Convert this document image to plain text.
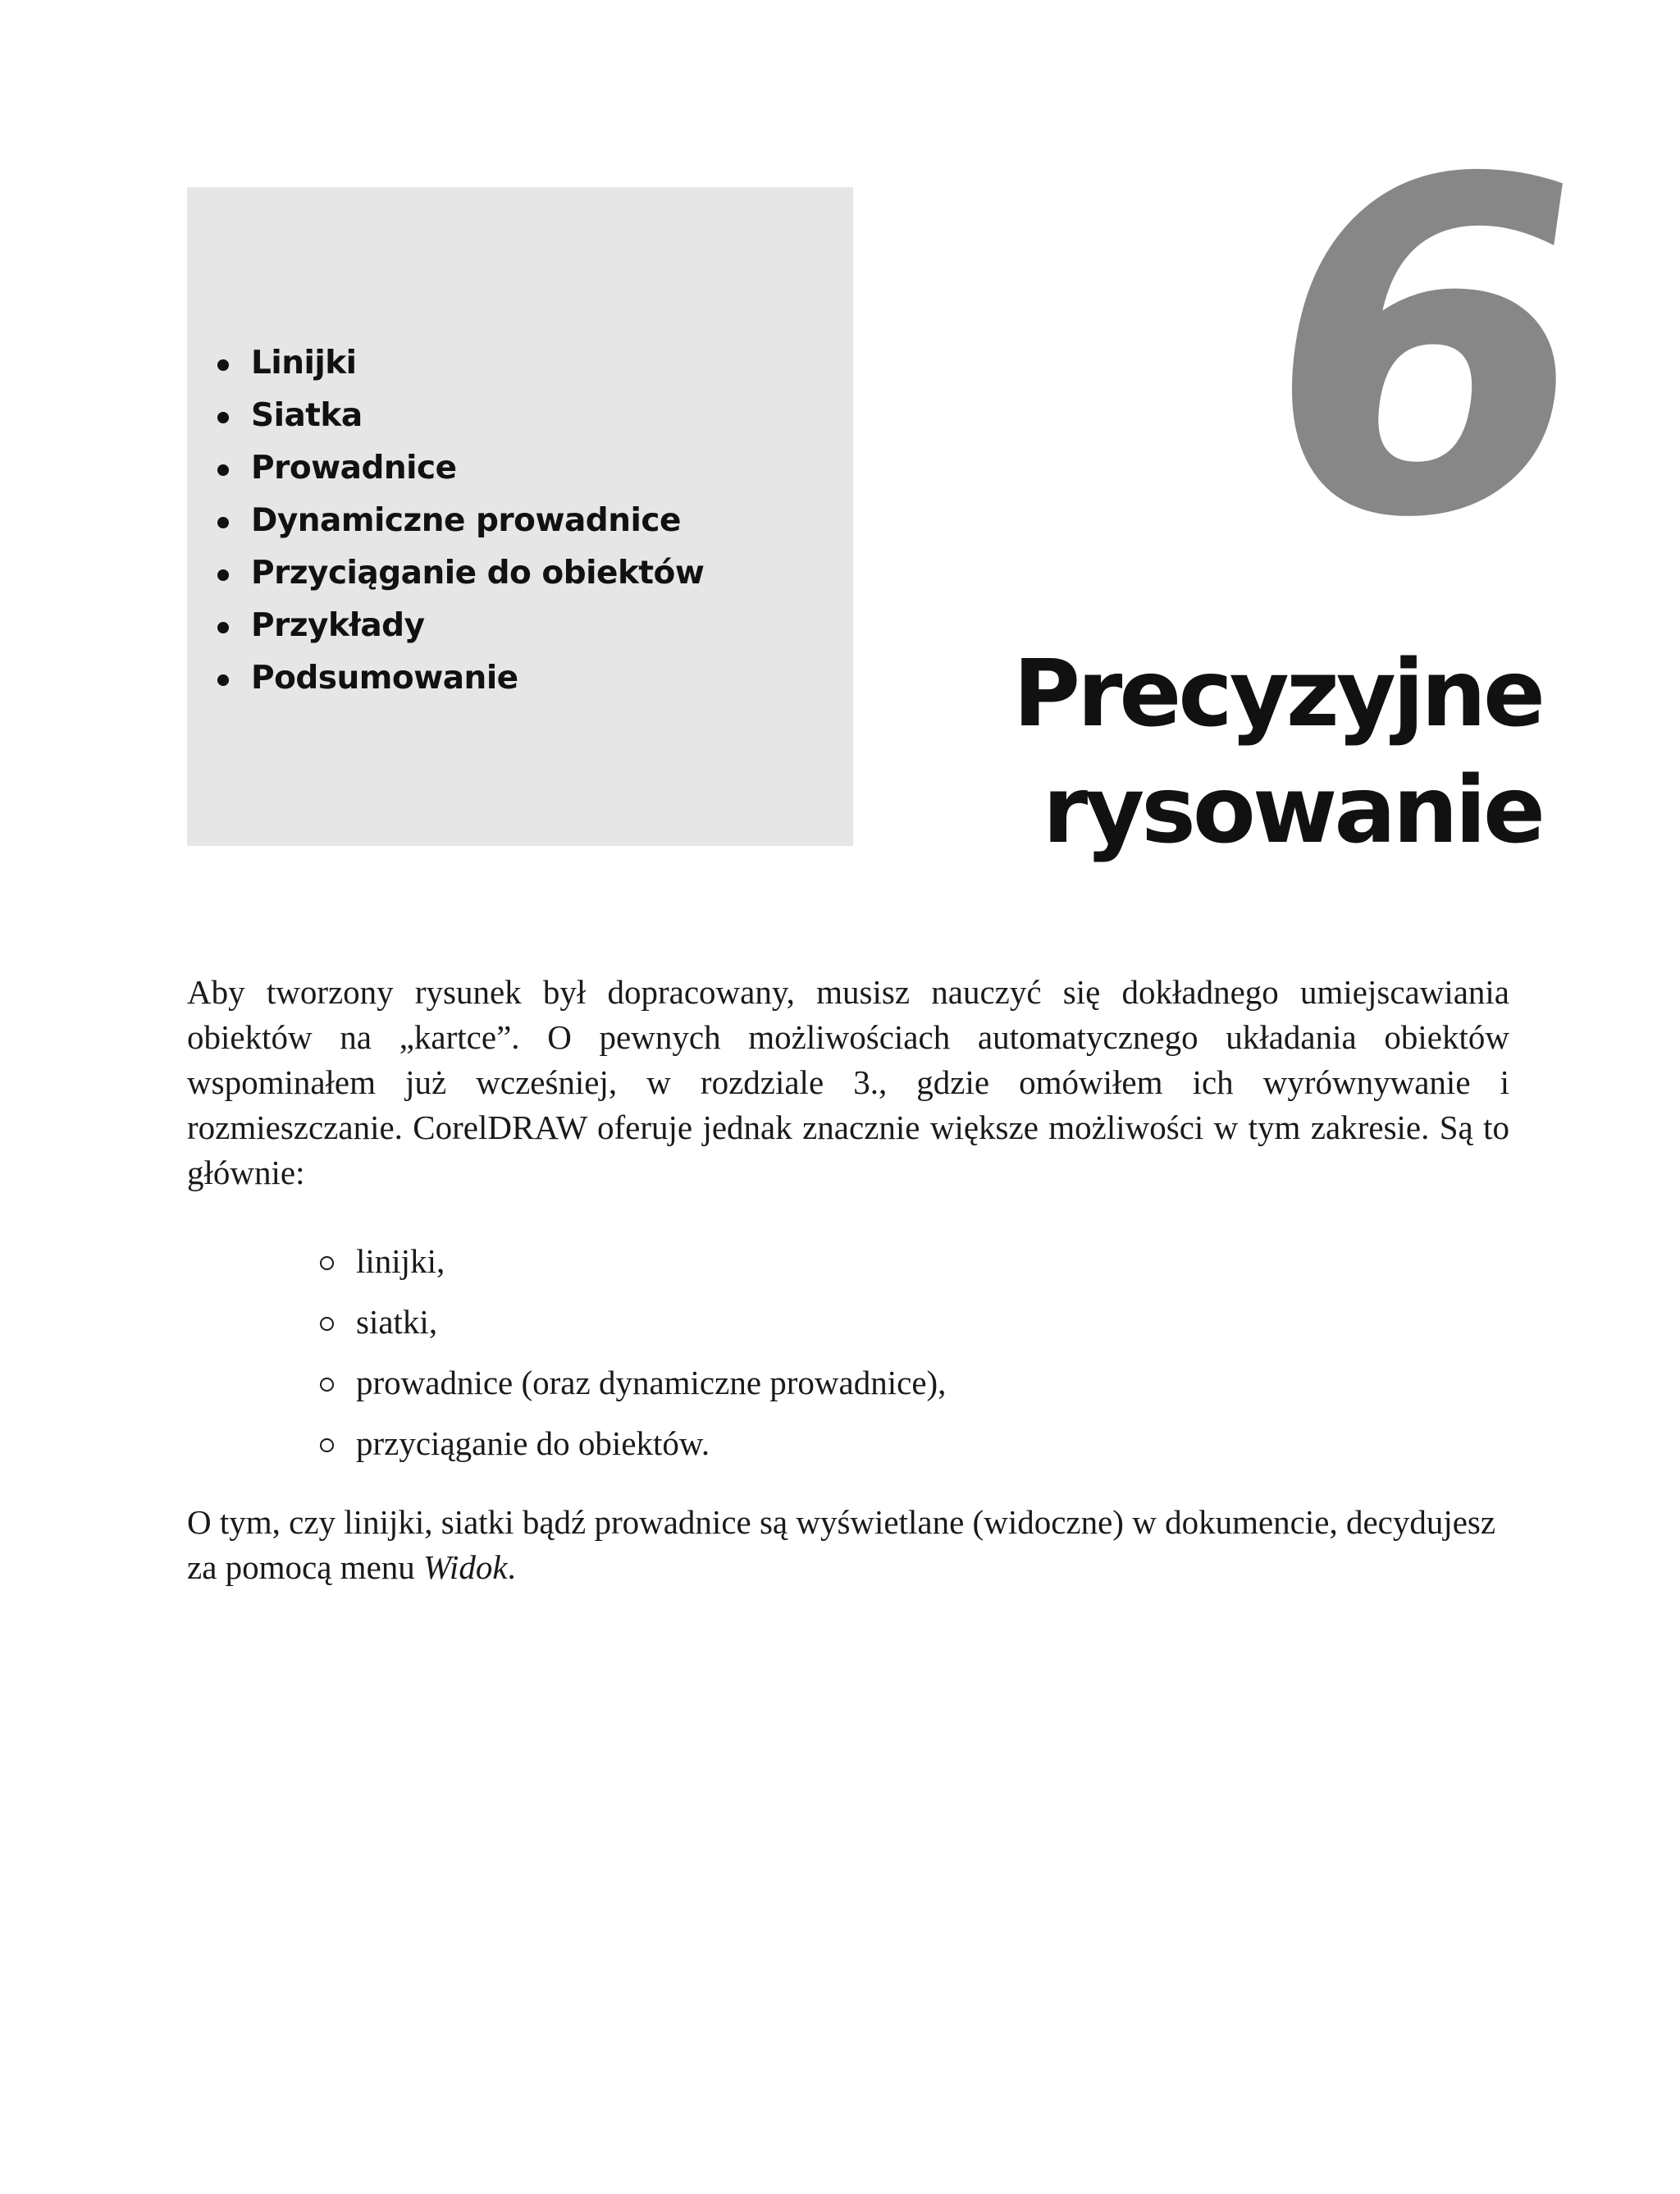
Linijki
Siatka
Prowadnice
Dynamiczne prowadnice
Przyciąganie do obiektów
Przykłady
Podsumowanie
6
Precyzyjne
rysowanie

Aby tworzony rysunek był dopracowany, musisz nauczyć się dokładnego umiejscawiania obiektów na „kartce”. O pewnych możliwościach automatycznego układania obiektów wspominałem już wcześniej, w rozdziale 3., gdzie omówiłem ich wyrównywanie i rozmieszczanie. CorelDRAW oferuje jednak znacznie większe możliwości w tym zakresie. Są to głównie:

linijki,
siatki,
prowadnice (oraz dynamiczne prowadnice),
przyciąganie do obiektów.

O tym, czy linijki, siatki bądź prowadnice są wyświetlane (widoczne) w dokumencie, decydujesz za pomocą menu Widok.
